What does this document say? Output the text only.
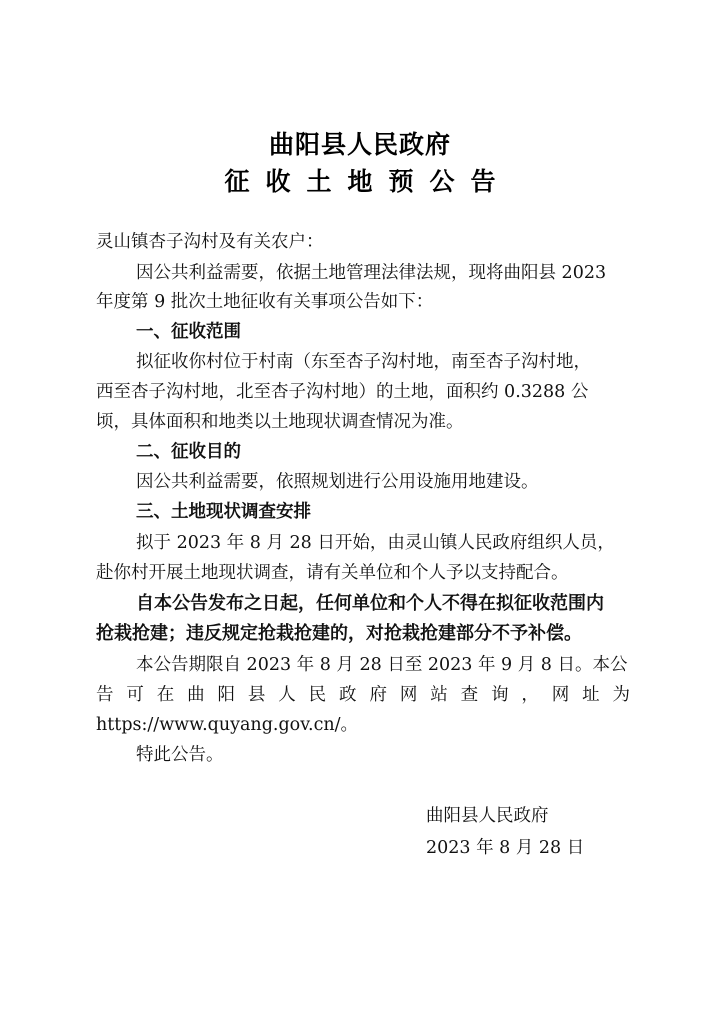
曲阳县人民政府
征收土地预公告
灵山镇杏子沟村及有关农户：
因公共利益需要，依据土地管理法律法规，现将曲阳县 2023
年度第 9 批次土地征收有关事项公告如下：
一、征收范围
拟征收你村位于村南（东至杏子沟村地，南至杏子沟村地，
西至杏子沟村地，北至杏子沟村地）的土地，面积约 0.3288 公
顷，具体面积和地类以土地现状调查情况为准。
二、征收目的
因公共利益需要，依照规划进行公用设施用地建设。
三、土地现状调查安排
拟于 2023 年 8 月 28 日开始，由灵山镇人民政府组织人员，
赴你村开展土地现状调查，请有关单位和个人予以支持配合。
自本公告发布之日起，任何单位和个人不得在拟征收范围内
抢栽抢建；违反规定抢栽抢建的，对抢栽抢建部分不予补偿。
本公告期限自 2023 年 8 月 28 日至 2023 年 9 月 8 日。本公
告可在曲阳县人民政府网站查询，网址为
https://www.quyang.gov.cn/。
特此公告。
曲阳县人民政府
2023 年 8 月 28 日
